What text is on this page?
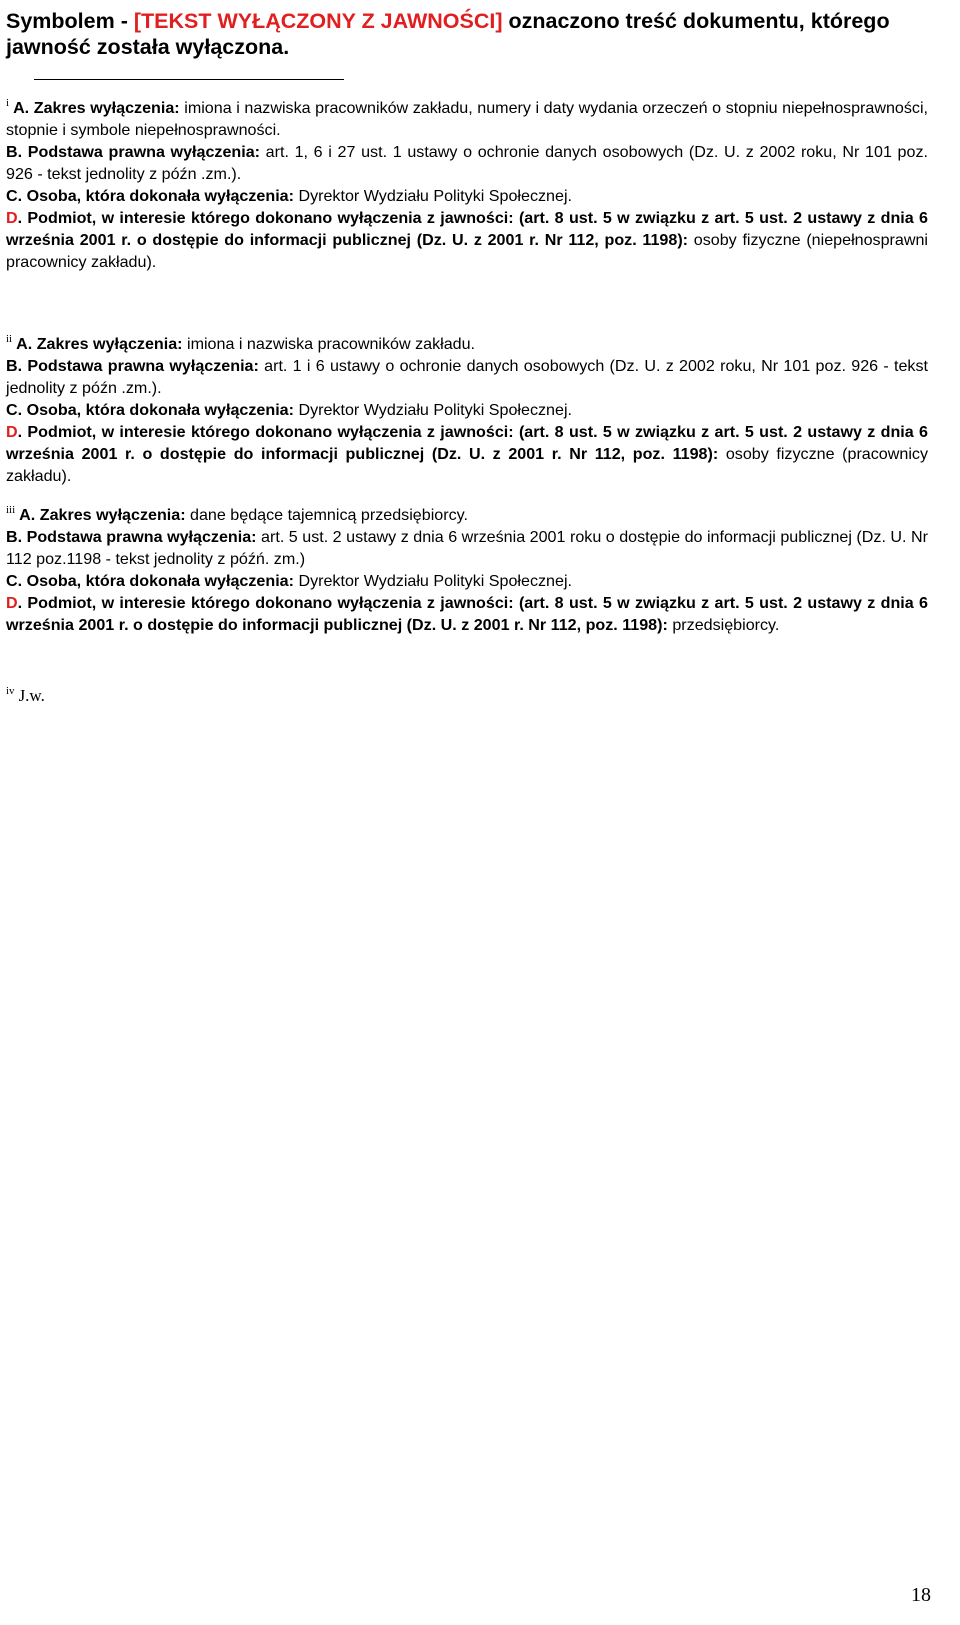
Symbolem - [TEKST WYŁĄCZONY Z JAWNOŚCI] oznaczono treść dokumentu, którego jawność została wyłączona.

$^i$ A. Zakres wyłączenia: imiona i nazwiska pracowników zakładu, numery i daty wydania orzeczeń o stopniu niepełnosprawności, stopnie i symbole niepełnosprawności.

B. Podstawa prawna wyłączenia: art. 1, 6 i 27 ust. 1 ustawy o ochronie danych osobowych (Dz. U. z 2002 roku, Nr 101 poz. 926 - tekst jednolity z późn .zm.).

C. Osoba, która dokonała wyłączenia: Dyrektor Wydziału Polityki Społecznej.

D. Podmiot, w interesie którego dokonano wyłączenia z jawności: (art. 8 ust. 5 w związku z art. 5 ust. 2 ustawy z dnia 6 września 2001 r. o dostępie do informacji publicznej (Dz. U. z 2001 r. Nr 112, poz. 1198): osoby fizyczne (niepełnosprawni pracownicy zakładu).

$^{ii}$ A. Zakres wyłączenia: imiona i nazwiska pracowników zakładu.

B. Podstawa prawna wyłączenia: art. 1 i 6 ustawy o ochronie danych osobowych (Dz. U. z 2002 roku, Nr 101 poz. 926 - tekst jednolity z późn .zm.).

C. Osoba, która dokonała wyłączenia: Dyrektor Wydziału Polityki Społecznej.

D. Podmiot, w interesie którego dokonano wyłączenia z jawności: (art. 8 ust. 5 w związku z art. 5 ust. 2 ustawy z dnia 6 września 2001 r. o dostępie do informacji publicznej (Dz. U. z 2001 r. Nr 112, poz. 1198): osoby fizyczne (pracownicy zakładu).

$^{iii}$ A. Zakres wyłączenia: dane będące tajemnicą przedsiębiorcy.

B. Podstawa prawna wyłączenia: art. 5 ust. 2 ustawy z dnia 6 września 2001 roku o dostępie do informacji publicznej (Dz. U. Nr 112 poz.1198 - tekst jednolity z późń. zm.)

C. Osoba, która dokonała wyłączenia: Dyrektor Wydziału Polityki Społecznej.

D. Podmiot, w interesie którego dokonano wyłączenia z jawności: (art. 8 ust. 5 w związku z art. 5 ust. 2 ustawy z dnia 6 września 2001 r. o dostępie do informacji publicznej (Dz. U. z 2001 r. Nr 112, poz. 1198): przedsiębiorcy.

$^{iv}$ J.w.

18
